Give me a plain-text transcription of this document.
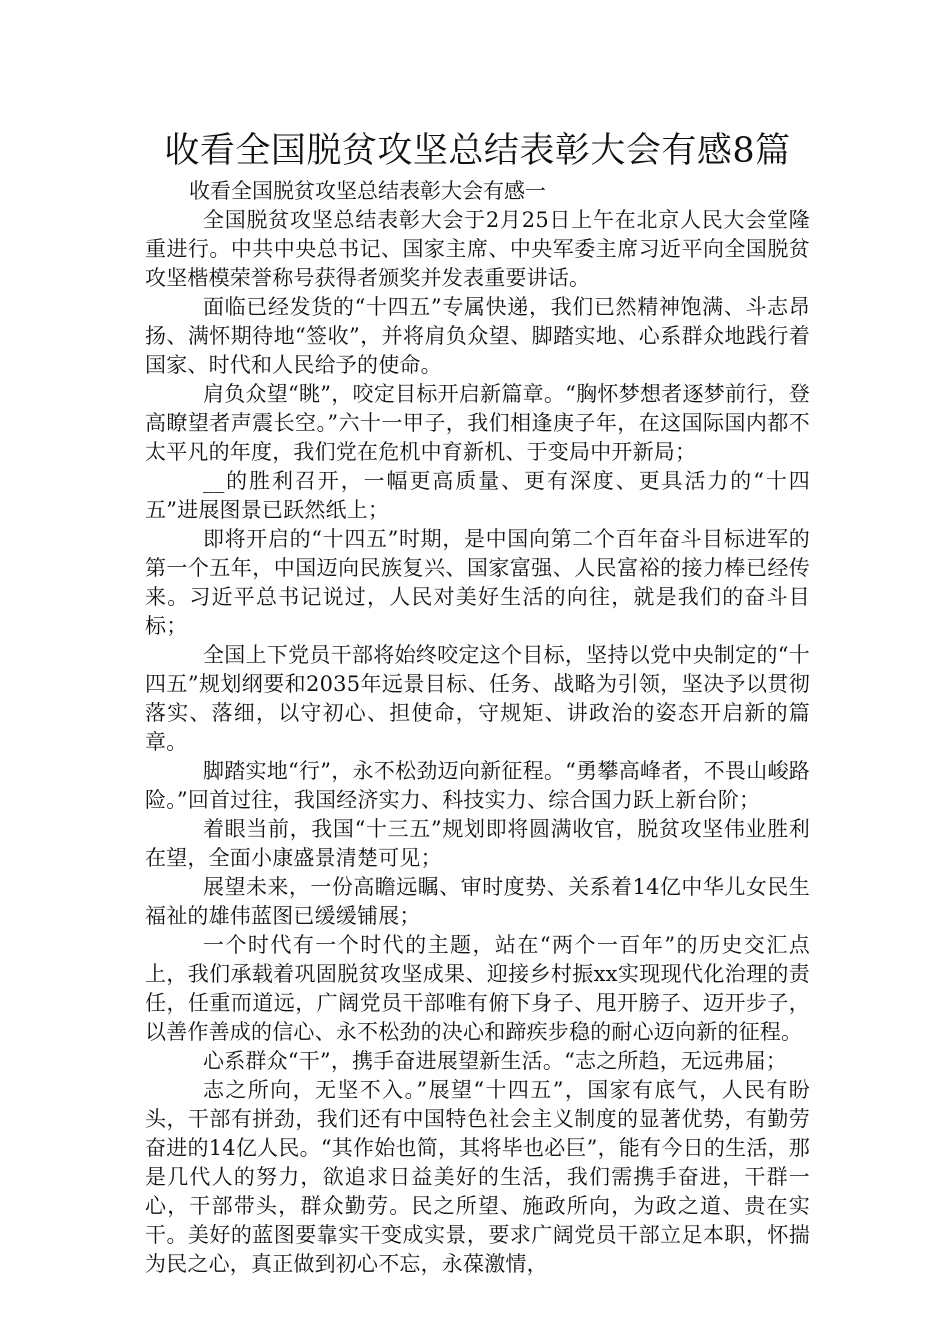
收看全国脱贫攻坚总结表彰大会有感8篇

收看全国脱贫攻坚总结表彰大会有感一

全国脱贫攻坚总结表彰大会于2月25日上午在北京人民大会堂隆重进行。中共中央总书记、国家主席、中央军委主席习近平向全国脱贫攻坚楷模荣誉称号获得者颁奖并发表重要讲话。

面临已经发货的“十四五”专属快递，我们已然精神饱满、斗志昂扬、满怀期待地“签收”，并将肩负众望、脚踏实地、心系群众地践行着国家、时代和人民给予的使命。

肩负众望“眺”，咬定目标开启新篇章。“胸怀梦想者逐梦前行，登高瞭望者声震长空。”六十一甲子，我们相逢庚子年，在这国际国内都不太平凡的年度，我们党在危机中育新机、于变局中开新局；

__的胜利召开，一幅更高质量、更有深度、更具活力的“十四五”进展图景已跃然纸上；

即将开启的“十四五”时期，是中国向第二个百年奋斗目标进军的第一个五年，中国迈向民族复兴、国家富强、人民富裕的接力棒已经传来。习近平总书记说过，人民对美好生活的向往，就是我们的奋斗目标；

全国上下党员干部将始终咬定这个目标，坚持以党中央制定的“十四五”规划纲要和2035年远景目标、任务、战略为引领，坚决予以贯彻落实、落细，以守初心、担使命，守规矩、讲政治的姿态开启新的篇章。

脚踏实地“行”，永不松劲迈向新征程。“勇攀高峰者，不畏山峻路险。”回首过往，我国经济实力、科技实力、综合国力跃上新台阶；

着眼当前，我国“十三五”规划即将圆满收官，脱贫攻坚伟业胜利在望，全面小康盛景清楚可见；

展望未来，一份高瞻远瞩、审时度势、关系着14亿中华儿女民生福祉的雄伟蓝图已缓缓铺展；

一个时代有一个时代的主题，站在“两个一百年”的历史交汇点上，我们承载着巩固脱贫攻坚成果、迎接乡村振xx实现现代化治理的责任，任重而道远，广阔党员干部唯有俯下身子、甩开膀子、迈开步子，以善作善成的信心、永不松劲的决心和蹄疾步稳的耐心迈向新的征程。

心系群众“干”，携手奋进展望新生活。“志之所趋，无远弗届；

志之所向，无坚不入。”展望“十四五”，国家有底气，人民有盼头，干部有拼劲，我们还有中国特色社会主义制度的显著优势，有勤劳奋进的14亿人民。“其作始也简，其将毕也必巨”，能有今日的生活，那是几代人的努力，欲追求日益美好的生活，我们需携手奋进，干群一心，干部带头，群众勤劳。民之所望、施政所向，为政之道、贵在实干。美好的蓝图要靠实干变成实景，要求广阔党员干部立足本职，怀揣为民之心，真正做到初心不忘，永葆激情，
